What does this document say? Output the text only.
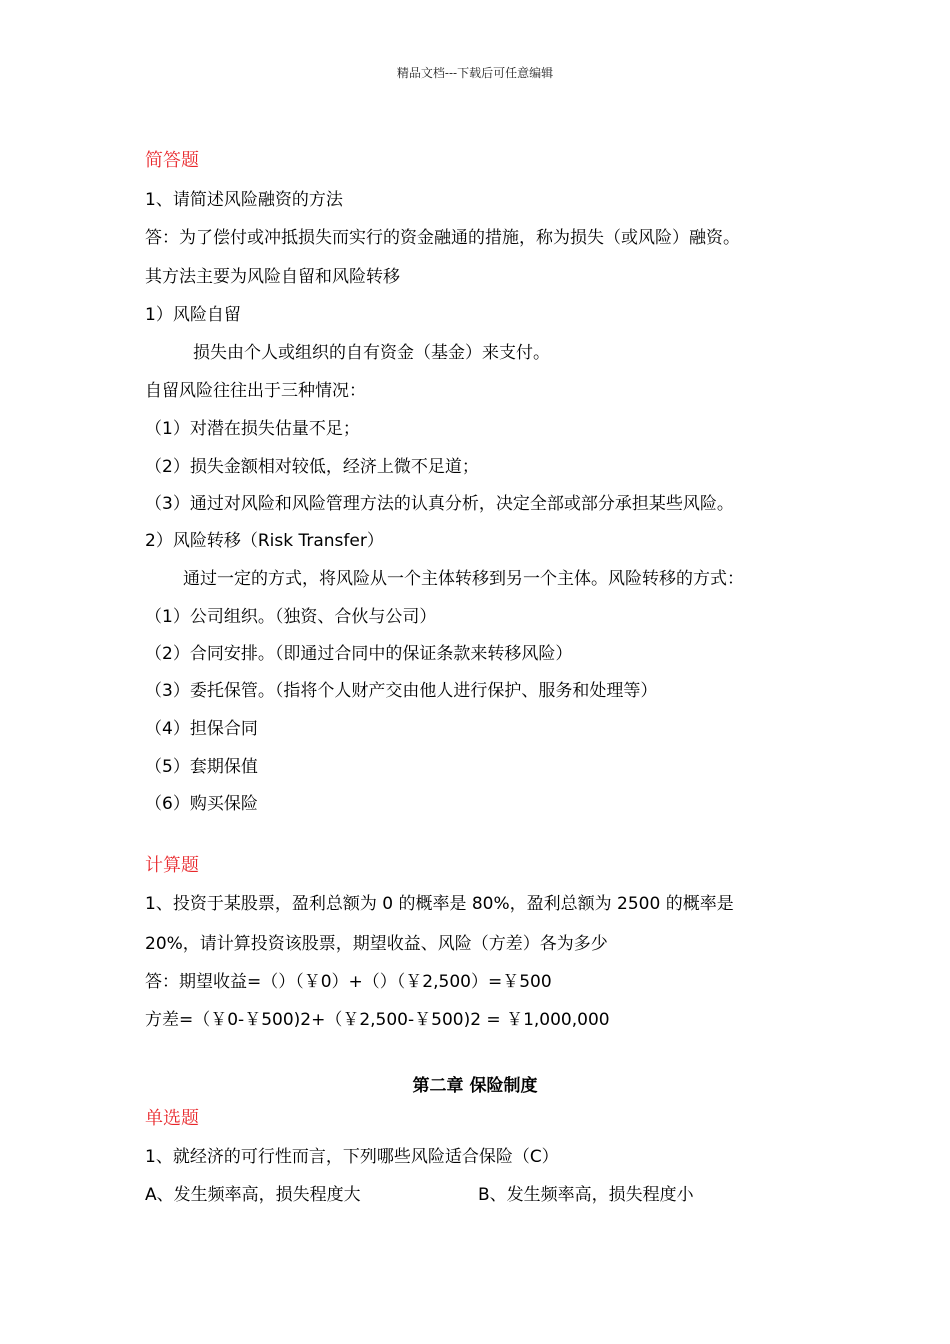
精品文档---下载后可任意编辑
简答题
1、请简述风险融资的方法
答：为了偿付或冲抵损失而实行的资金融通的措施，称为损失（或风险）融资。
其方法主要为风险自留和风险转移
1）风险自留
损失由个人或组织的自有资金（基金）来支付。
自留风险往往出于三种情况：
（1）对潜在损失估量不足；
（2）损失金额相对较低，经济上微不足道；
（3）通过对风险和风险管理方法的认真分析，决定全部或部分承担某些风险。
2）风险转移（Risk Transfer）
通过一定的方式，将风险从一个主体转移到另一个主体。风险转移的方式：
（1）公司组织。（独资、合伙与公司）
（2）合同安排。（即通过合同中的保证条款来转移风险）
（3）委托保管。（指将个人财产交由他人进行保护、服务和处理等）
（4）担保合同
（5）套期保值
（6）购买保险
计算题
1、投资于某股票，盈利总额为 0 的概率是 80%，盈利总额为 2500 的概率是
20%，请计算投资该股票，期望收益、风险（方差）各为多少
答：期望收益=（）（￥0）+（）（￥2,500）=￥500
方差=（￥0-￥500)2+（￥2,500-￥500)2 = ￥1,000,000
第二章 保险制度
单选题
1、就经济的可行性而言，下列哪些风险适合保险（C）
A、发生频率高，损失程度大	B、发生频率高，损失程度小
